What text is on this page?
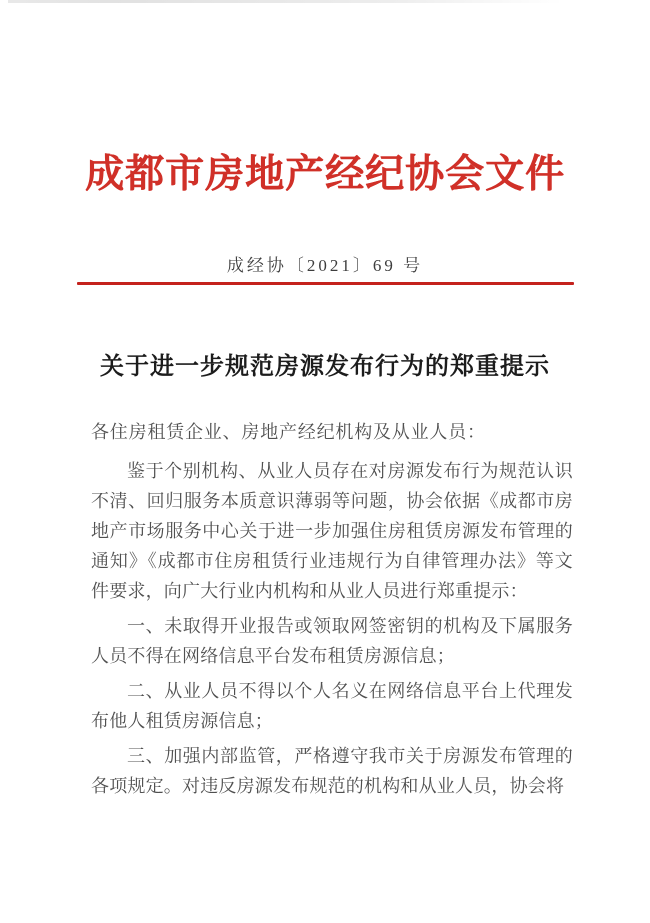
成都市房地产经纪协会文件
成经协〔2021〕69 号
关于进一步规范房源发布行为的郑重提示

各住房租赁企业、房地产经纪机构及从业人员：

鉴于个别机构、从业人员存在对房源发布行为规范认识不清、回归服务本质意识薄弱等问题，协会依据《成都市房地产市场服务中心关于进一步加强住房租赁房源发布管理的通知》《成都市住房租赁行业违规行为自律管理办法》等文件要求，向广大行业内机构和从业人员进行郑重提示：

一、未取得开业报告或领取网签密钥的机构及下属服务人员不得在网络信息平台发布租赁房源信息；

二、从业人员不得以个人名义在网络信息平台上代理发布他人租赁房源信息；

三、加强内部监管，严格遵守我市关于房源发布管理的各项规定。对违反房源发布规范的机构和从业人员，协会将
